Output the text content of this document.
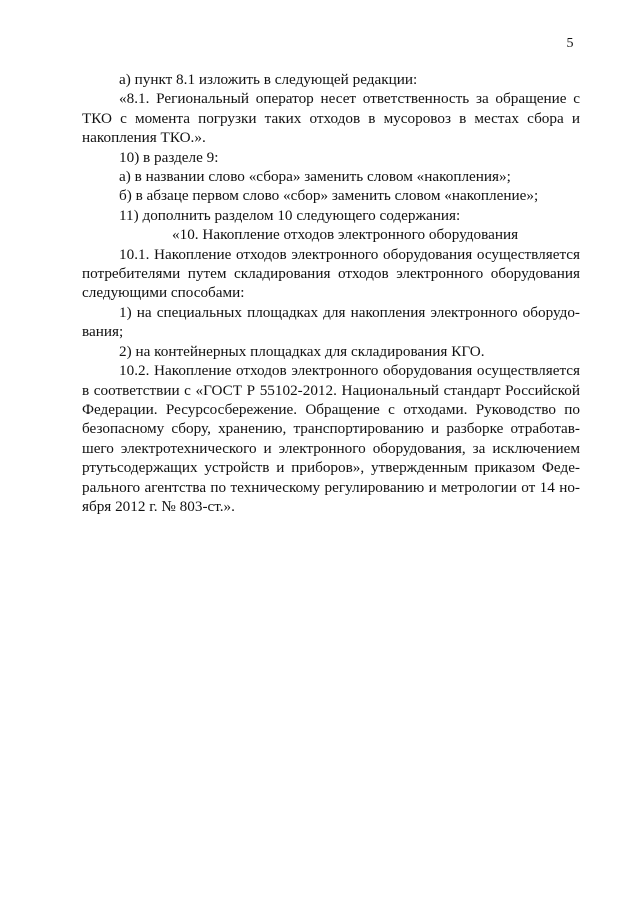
5

а) пункт 8.1 изложить в следующей редакции:

«8.1. Региональный оператор несет ответственность за обращение с ТКО с момента погрузки таких отходов в мусоровоз в местах сбора и накопления ТКО.».

10) в разделе 9:

а) в названии слово «сбора» заменить словом «накопления»;

б) в абзаце первом слово «сбор» заменить словом «накопление»;

11) дополнить разделом 10 следующего содержания:

«10. Накопление отходов электронного оборудования

10.1. Накопление отходов электронного оборудования осуществляется потребителями путем складирования отходов электронного оборудования следующими способами:

1) на специальных площадках для накопления электронного оборудо-вания;

2) на контейнерных площадках для складирования КГО.

10.2. Накопление отходов электронного оборудования осуществляется в соответствии с «ГОСТ Р 55102-2012. Национальный стандарт Российской Федерации. Ресурсосбережение. Обращение с отходами. Руководство по безопасному сбору, хранению, транспортированию и разборке отработав-шего электротехнического и электронного оборудования, за исключением ртутьсодержащих устройств и приборов», утвержденным приказом Феде-рального агентства по техническому регулированию и метрологии от 14 но-ября 2012 г. № 803-ст.».
